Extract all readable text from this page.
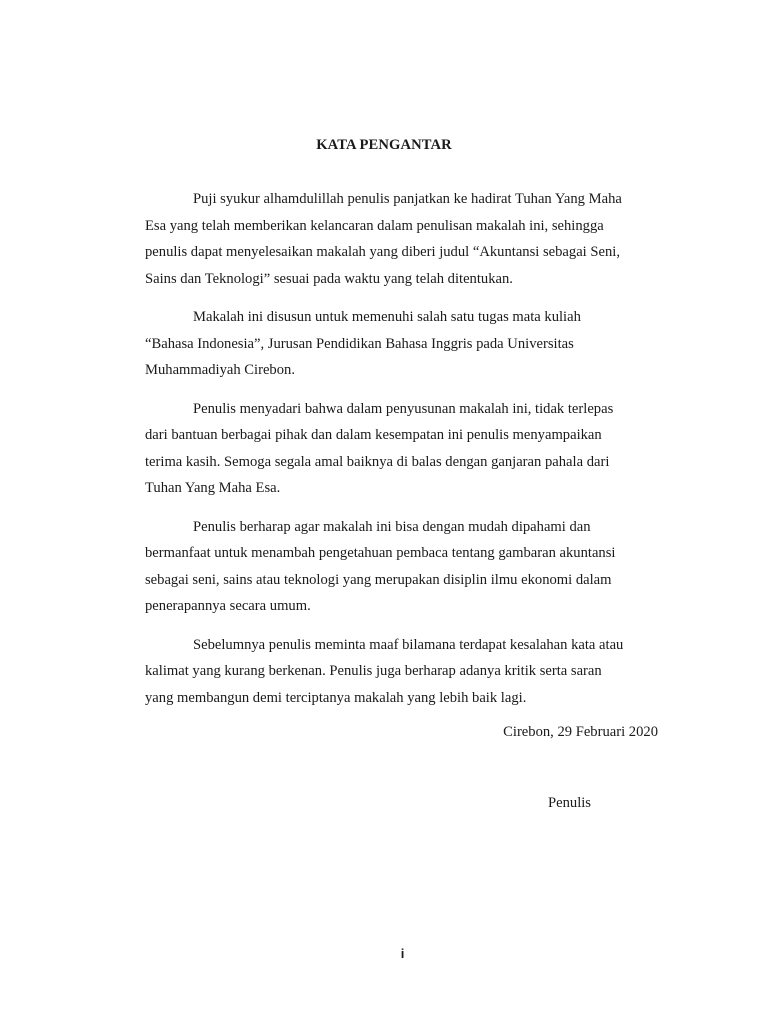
KATA PENGANTAR

Puji syukur alhamdulillah penulis panjatkan ke hadirat Tuhan Yang Maha
Esa yang telah memberikan kelancaran dalam penulisan makalah ini, sehingga
penulis dapat menyelesaikan makalah yang diberi judul “Akuntansi sebagai Seni,
Sains dan Teknologi” sesuai pada waktu yang telah ditentukan.

Makalah ini disusun untuk memenuhi salah satu tugas mata kuliah
“Bahasa Indonesia”, Jurusan Pendidikan Bahasa Inggris pada Universitas
Muhammadiyah Cirebon.

Penulis menyadari bahwa dalam penyusunan makalah ini, tidak terlepas
dari bantuan berbagai pihak dan dalam kesempatan ini penulis menyampaikan
terima kasih. Semoga segala amal baiknya di balas dengan ganjaran pahala dari
Tuhan Yang Maha Esa.

Penulis berharap agar makalah ini bisa dengan mudah dipahami dan
bermanfaat untuk menambah pengetahuan pembaca tentang gambaran akuntansi
sebagai seni, sains atau teknologi yang merupakan disiplin ilmu ekonomi dalam
penerapannya secara umum.

Sebelumnya penulis meminta maaf bilamana terdapat kesalahan kata atau
kalimat yang kurang berkenan. Penulis juga berharap adanya kritik serta saran
yang membangun demi terciptanya makalah yang lebih baik lagi.

Cirebon, 29 Februari 2020

Penulis

i
